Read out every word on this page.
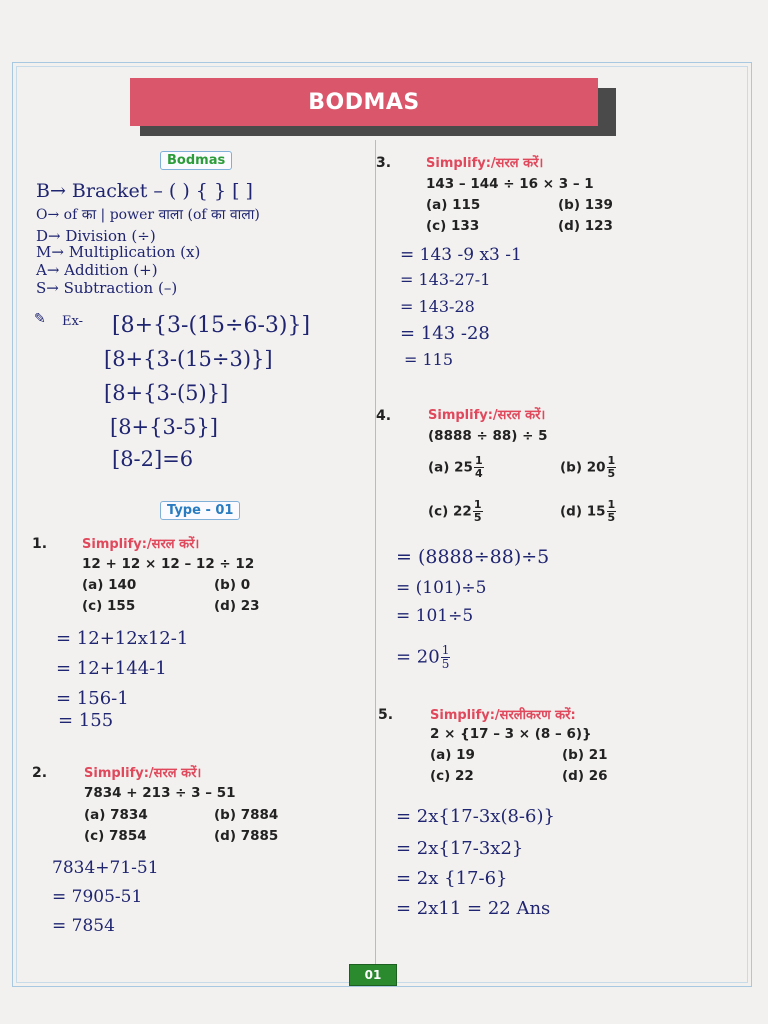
BODMAS
Bodmas
B→ Bracket – ( ) { } [ ]
O→ of का | power वाला (of का वाला)
D→ Division (÷)
M→ Multiplication (x)
A→ Addition (+)
S→ Subtraction (–)
✎ Ex- [8+{3-(15÷6-3)}]
[8+{3-(15÷3)}]
[8+{3-(5)}]
[8+{3-5}]
[8-2]=6
Type - 01
1.	Simplify:/सरल करें।
12 + 12 × 12 – 12 ÷ 12
(a) 140	(b) 0
(c) 155	(d) 23
= 12+12x12-1
= 12+144-1
= 156-1
= 155
2.	Simplify:/सरल करें।
7834 + 213 ÷ 3 – 51
(a) 7834	(b) 7884
(c) 7854	(d) 7885
7834+71-51
= 7905-51
= 7854
3.	Simplify:/सरल करें।
143 – 144 ÷ 16 × 3 – 1
(a) 115	(b) 139
(c) 133	(d) 123
= 143 -9 x3 -1
= 143-27-1
= 143-28
= 143 -28
= 115
4.	Simplify:/सरल करें।
(8888 ÷ 88) ÷ 5
(a) $25 \frac{1}{4}$	(b) $20 \frac{1}{5}$
(c) $22 \frac{1}{5}$	(d) $15 \frac{1}{5}$
= (8888÷88)÷5
= (101)÷5
= 101÷5
= $20 \frac{1}{5}$
5.	Simplify:/सरलीकरण करें:
2 × {17 – 3 × (8 – 6)}
(a) 19	(b) 21
(c) 22	(d) 26
= 2x{17-3x(8-6)}
= 2x{17-3x2}
= 2x {17-6}
= 2x11 = 22 Ans
01
